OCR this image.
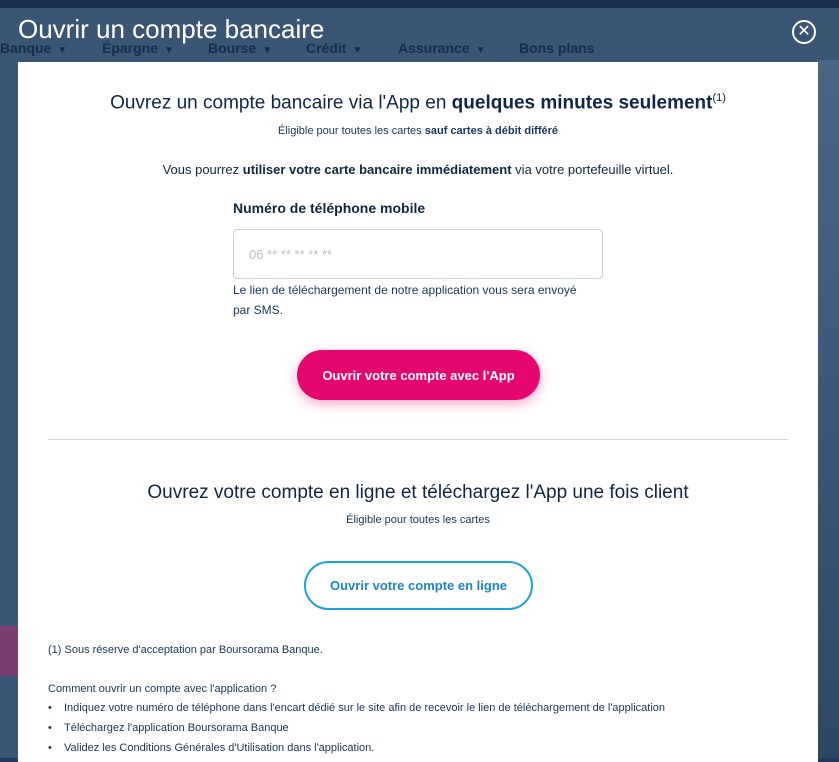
Banque ▼ Épargne ▼ Bourse ▼ Crédit ▼	Assurance ▼ Bons plans
Ouvrir un compte bancaire	✕
Ouvrez un compte bancaire via l'App en quelques minutes seulement$^{(1)}$
Éligible pour toutes les cartes sauf cartes à débit différé
Vous pourrez utiliser votre carte bancaire immédiatement via votre portefeuille virtuel.
Numéro de téléphone mobile
06 ** ** ** ** **
Le lien de téléchargement de notre application vous sera envoyé par SMS.
Ouvrir votre compte avec l'App
Ouvrez votre compte en ligne et téléchargez l'App une fois client
Éligible pour toutes les cartes
Ouvrir votre compte en ligne
(1) Sous réserve d'acceptation par Boursorama Banque.
Comment ouvrir un compte avec l'application ?
• Indiquez votre numéro de téléphone dans l'encart dédié sur le site afin de recevoir le lien de téléchargement de l'application
• Téléchargez l'application Boursorama Banque
• Validez les Conditions Générales d'Utilisation dans l'application.
